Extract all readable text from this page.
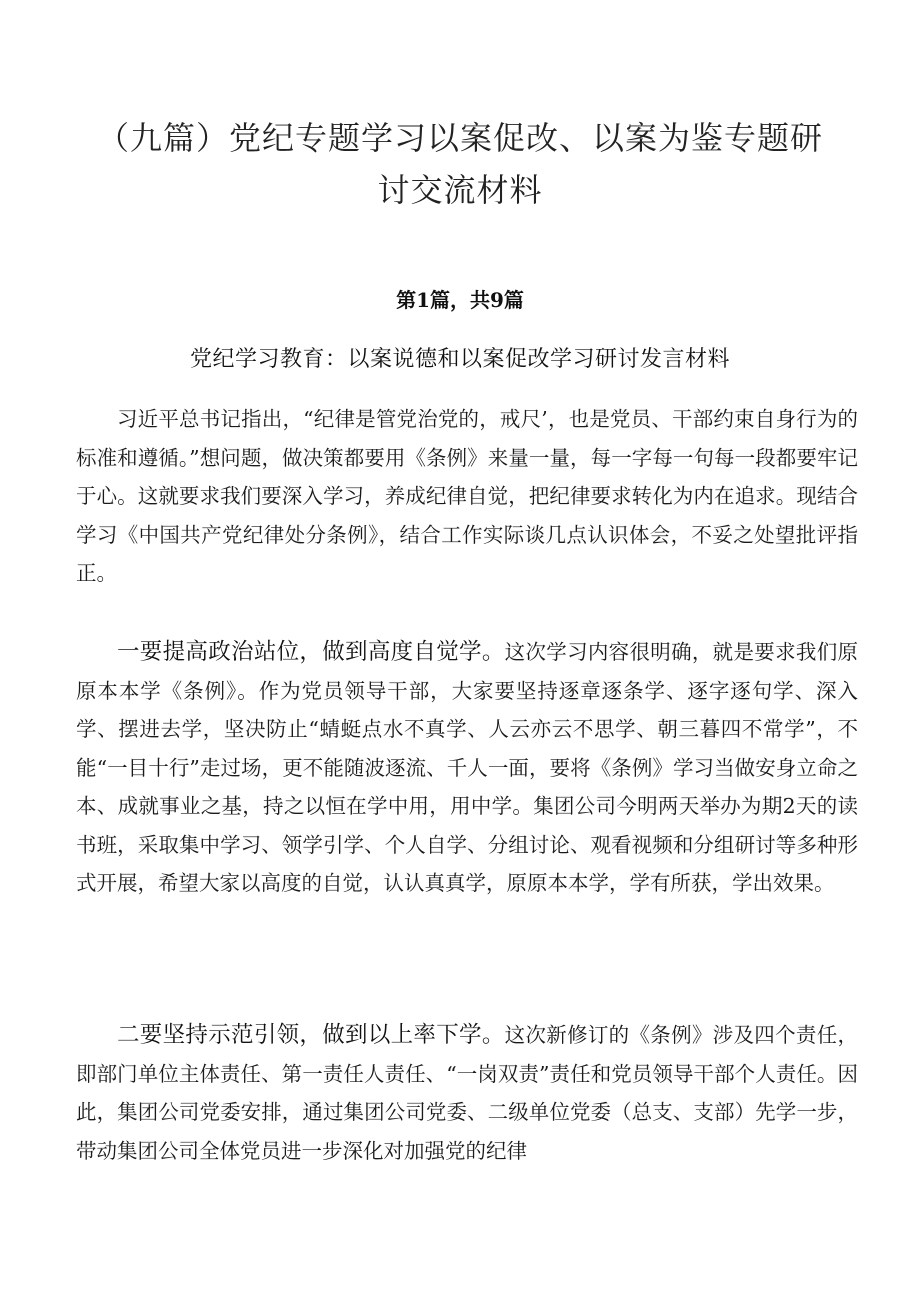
（九篇）党纪专题学习以案促改、以案为鉴专题研
讨交流材料
第1篇，共9篇
党纪学习教育：以案说德和以案促改学习研讨发言材料

习近平总书记指出，“纪律是管党治党的，戒尺’，也是党员、干部约束自身行为的标准和遵循。”想问题，做决策都要用《条例》来量一量，每一字每一句每一段都要牢记于心。这就要求我们要深入学习，养成纪律自觉，把纪律要求转化为内在追求。现结合学习《中国共产党纪律处分条例》，结合工作实际谈几点认识体会，不妥之处望批评指正。

一要提高政治站位，做到高度自觉学。这次学习内容很明确，就是要求我们原原本本学《条例》。作为党员领导干部，大家要坚持逐章逐条学、逐字逐句学、深入学、摆进去学，坚决防止“蜻蜓点水不真学、人云亦云不思学、朝三暮四不常学”，不能“一目十行”走过场，更不能随波逐流、千人一面，要将《条例》学习当做安身立命之本、成就事业之基，持之以恒在学中用，用中学。集团公司今明两天举办为期2天的读书班，采取集中学习、领学引学、个人自学、分组讨论、观看视频和分组研讨等多种形式开展，希望大家以高度的自觉，认认真真学，原原本本学，学有所获，学出效果。

二要坚持示范引领，做到以上率下学。这次新修订的《条例》涉及四个责任，即部门单位主体责任、第一责任人责任、“一岗双责”责任和党员领导干部个人责任。因此，集团公司党委安排，通过集团公司党委、二级单位党委（总支、支部）先学一步，带动集团公司全体党员进一步深化对加强党的纪律
